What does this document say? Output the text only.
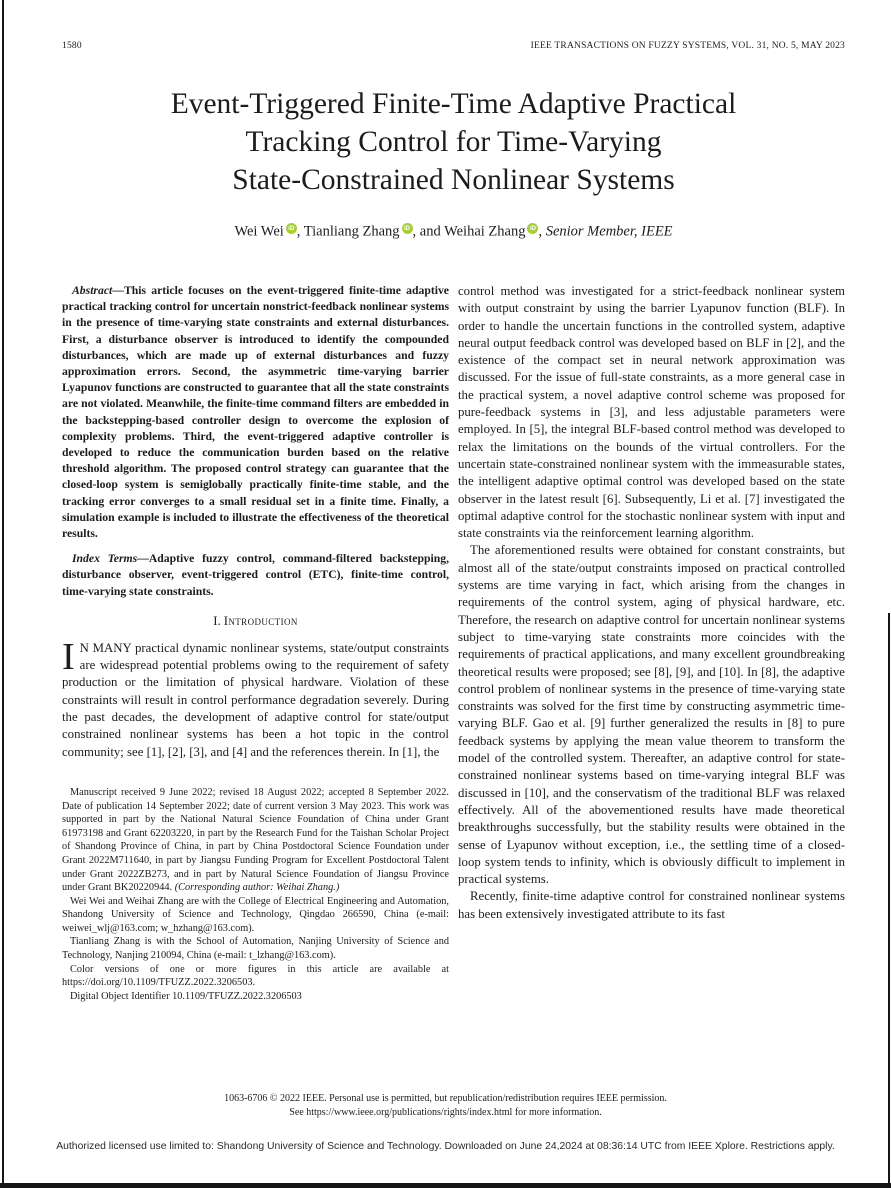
1580	IEEE TRANSACTIONS ON FUZZY SYSTEMS, VOL. 31, NO. 5, MAY 2023
Event-Triggered Finite-Time Adaptive Practical
Tracking Control for Time-Varying
State-Constrained Nonlinear Systems
Wei Wei iD , Tianliang Zhang iD , and Weihai Zhang iD , Senior Member, IEEE

Abstract—This article focuses on the event-triggered finite-time adaptive practical tracking control for uncertain nonstrict-feedback nonlinear systems in the presence of time-varying state constraints and external disturbances. First, a disturbance observer is introduced to identify the compounded disturbances, which are made up of external disturbances and fuzzy approximation errors. Second, the asymmetric time-varying barrier Lyapunov functions are constructed to guarantee that all the state constraints are not violated. Meanwhile, the finite-time command filters are embedded in the backstepping-based controller design to overcome the explosion of complexity problems. Third, the event-triggered adaptive controller is developed to reduce the communication burden based on the relative threshold algorithm. The proposed control strategy can guarantee that the closed-loop system is semiglobally practically finite-time stable, and the tracking error converges to a small residual set in a finite time. Finally, a simulation example is included to illustrate the effectiveness of the theoretical results.

Index Terms—Adaptive fuzzy control, command-filtered backstepping, disturbance observer, event-triggered control (ETC), finite-time control, time-varying state constraints.

I. Introduction

I N MANY practical dynamic nonlinear systems, state/output constraints are widespread potential problems owing to the requirement of safety production or the limitation of physical hardware. Violation of these constraints will result in control performance degradation severely. During the past decades, the development of adaptive control for state/output constrained nonlinear systems has been a hot topic in the control community; see [1], [2], [3], and [4] and the references therein. In [1], the

Manuscript received 9 June 2022; revised 18 August 2022; accepted 8 September 2022. Date of publication 14 September 2022; date of current version 3 May 2023. This work was supported in part by the National Natural Science Foundation of China under Grant 61973198 and Grant 62203220, in part by the Research Fund for the Taishan Scholar Project of Shandong Province of China, in part by China Postdoctoral Science Foundation under Grant 2022M711640, in part by Jiangsu Funding Program for Excellent Postdoctoral Talent under Grant 2022ZB273, and in part by Natural Science Foundation of Jiangsu Province under Grant BK20220944. (Corresponding author: Weihai Zhang.)

Wei Wei and Weihai Zhang are with the College of Electrical Engineering and Automation, Shandong University of Science and Technology, Qingdao 266590, China (e-mail: weiwei_wlj@163.com; w_hzhang@163.com).

Tianliang Zhang is with the School of Automation, Nanjing University of Science and Technology, Nanjing 210094, China (e-mail: t_lzhang@163.com).

Color versions of one or more figures in this article are available at https://doi.org/10.1109/TFUZZ.2022.3206503.

Digital Object Identifier 10.1109/TFUZZ.2022.3206503

control method was investigated for a strict-feedback nonlinear system with output constraint by using the barrier Lyapunov function (BLF). In order to handle the uncertain functions in the controlled system, adaptive neural output feedback control was developed based on BLF in [2], and the existence of the compact set in neural network approximation was discussed. For the issue of full-state constraints, as a more general case in the practical system, a novel adaptive control scheme was proposed for pure-feedback systems in [3], and less adjustable parameters were employed. In [5], the integral BLF-based control method was developed to relax the limitations on the bounds of the virtual controllers. For the uncertain state-constrained nonlinear system with the immeasurable states, the intelligent adaptive optimal control was developed based on the state observer in the latest result [6]. Subsequently, Li et al. [7] investigated the optimal adaptive control for the stochastic nonlinear system with input and state constraints via the reinforcement learning algorithm.

The aforementioned results were obtained for constant constraints, but almost all of the state/output constraints imposed on practical controlled systems are time varying in fact, which arising from the changes in requirements of the control system, aging of physical hardware, etc. Therefore, the research on adaptive control for uncertain nonlinear systems subject to time-varying state constraints more coincides with the requirements of practical applications, and many excellent groundbreaking theoretical results were proposed; see [8], [9], and [10]. In [8], the adaptive control problem of nonlinear systems in the presence of time-varying state constraints was solved for the first time by constructing asymmetric time-varying BLF. Gao et al. [9] further generalized the results in [8] to pure feedback systems by applying the mean value theorem to transform the model of the controlled system. Thereafter, an adaptive control for state-constrained nonlinear systems based on time-varying integral BLF was discussed in [10], and the conservatism of the traditional BLF was relaxed effectively. All of the abovementioned results have made theoretical breakthroughs successfully, but the stability results were obtained in the sense of Lyapunov without exception, i.e., the settling time of a closed-loop system tends to infinity, which is obviously difficult to implement in practical systems.

Recently, finite-time adaptive control for constrained nonlinear systems has been extensively investigated attribute to its fast

1063-6706 © 2022 IEEE. Personal use is permitted, but republication/redistribution requires IEEE permission.
See https://www.ieee.org/publications/rights/index.html for more information.
Authorized licensed use limited to: Shandong University of Science and Technology. Downloaded on June 24,2024 at 08:36:14 UTC from IEEE Xplore. Restrictions apply.
